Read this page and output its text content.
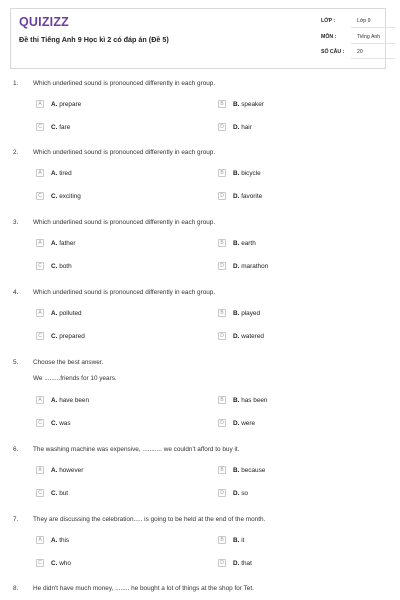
QUIZIZZ
Đề thi Tiếng Anh 9 Học kì 2 có đáp án (Đề 5)
LỚP :	Lớp 9
MÔN :	Tiếng Anh
SỐ CÂU :	20
1. Which underlined sound is pronounced differently in each group.
A	A. prepare	B	B. speaker
C	C. fare	D	D. hair
2. Which underlined sound is pronounced differently in each group.
A	A. tired	B	B. bicycle
C	C. exciting	D	D. favorite
3. Which underlined sound is pronounced differently in each group.
A	A. father	B	B. earth
C	C. both	D	D. marathon
4. Which underlined sound is pronounced differently in each group.
A	A. polluted	B	B. played
C	C. prepared	D	D. watered
5. Choose the best answer.
We .........friends for 10 years.
A	A. have been	B	B. has been
C	C. was	D	D. were
6. The washing machine was expensive, ........... we couldn't afford to buy it.
A	A. however	B	B. because
C	C. but	D	D. so
7. They are discussing the celebration..... is going to be held at the end of the month.
A	A. this	B	B. it
C	C. who	D	D. that
8. He didn't have much money, ........ he bought a lot of things at the shop for Tet.
